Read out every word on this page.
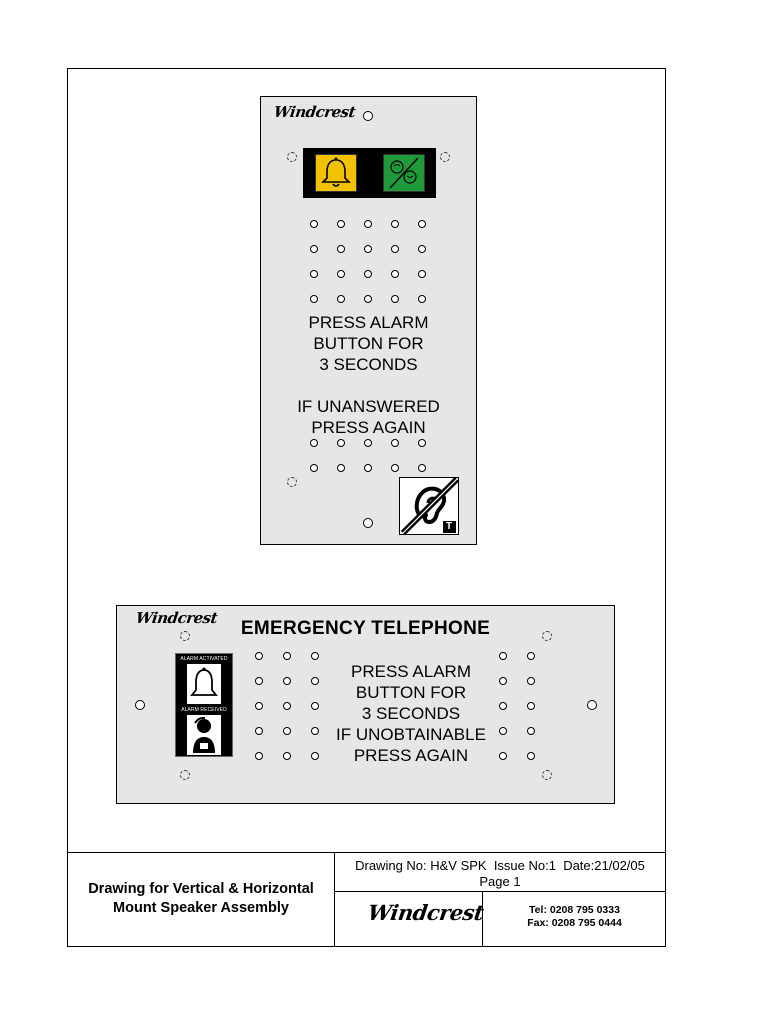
Windcrest
PRESS ALARM
BUTTON FOR
3 SECONDS
IF UNANSWERED
PRESS AGAIN
T
Windcrest	EMERGENCY TELEPHONE
ALARM ACTIVATED
ALARM RECEIVED
PRESS ALARM
BUTTON FOR
3 SECONDS
IF UNOBTAINABLE
PRESS AGAIN
Drawing for Vertical & Horizontal
Mount Speaker Assembly
Drawing No: H&V SPK  Issue No:1  Date:21/02/05
Page 1
Windcrest	Tel: 0208 795 0333
Fax: 0208 795 0444
